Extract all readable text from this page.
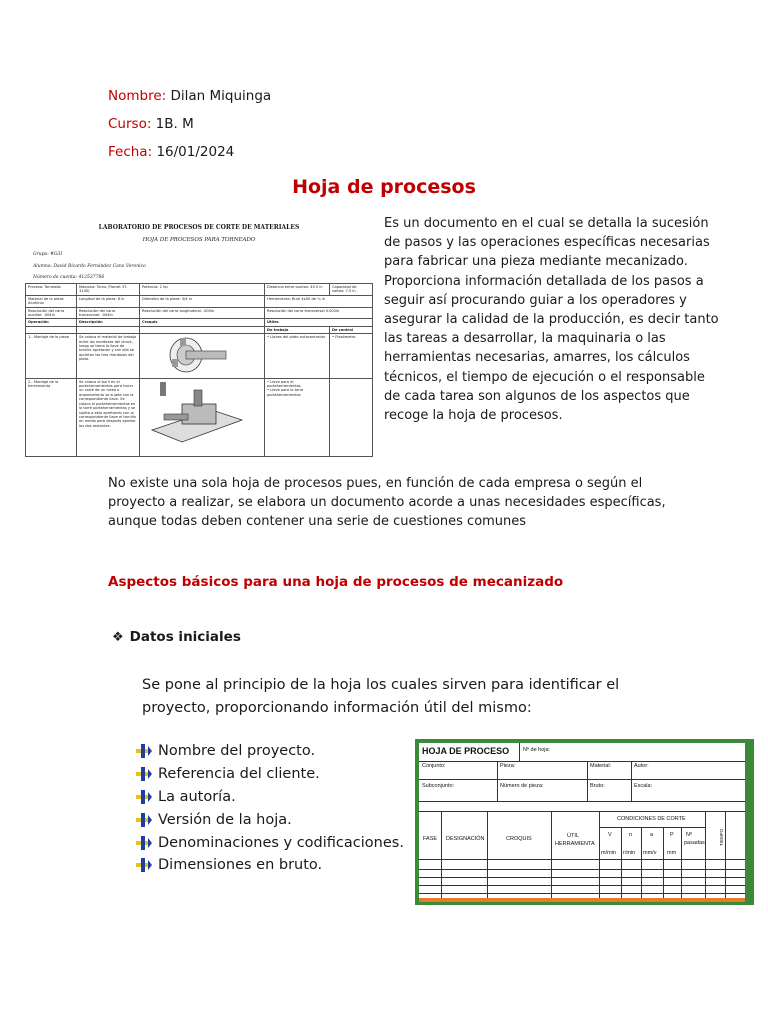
Nombre: Dilan Miquinga
Curso: 1B. M
Fecha: 16/01/2024
Hoja de procesos
LABORATORIO DE PROCESOS DE CORTE DE MATERIALES
HOJA DE PROCESOS PARA TORNEADO
Grupo: #G3I
Alumno: David Ricardo Fernández Cano Veronico
Número de cuenta: 412537786
Proceso: Torneado	Maquina: Torno (Transit 3T-3140)	Potencia: 2 hp	Distancia entre puntos: 45.5 in	Capacidad de volteo: 7.5 in
Material de la pieza: Aluminio	Longitud de la pieza: 8 in	Diámetro de la pieza: 3/4 in	Herramienta: Buril 4x50 de ¼ in	
Resolución del carro auxiliar: .004in	Resolución del carro transversal: .004in	Resolución del carro longitudinal: .005in	Resolución del carro transversal 0.002in	
Operación	Descripción	Croquis	Útiles	
			De trabajo	De control
1.- Montaje de la pieza	Se coloca el material de trabajo entre las mordazas del chock, luego se toma la llave de tornillo apretador y con ella se aprietan las tres mordazas del plato.		• Llaves del plato autocentrador	• Flexómetro
2.- Montaje de la herramienta	Se coloca el buril en el portaherramientas para hacer un corte de un ruteo o arqueamiento se sujeta con la correspondiente llave. Se coloca el portaherramientas en la torre portaherramientas y se sujeta a esta apretando con la correspondiente llave el tornillo en medio para después apretar los dos restantes.		• Llave para el portaherramientas
• Llave para la torre portaherramientas	
Es un documento en el cual se detalla la sucesión de pasos y las operaciones específicas necesarias para fabricar una pieza mediante mecanizado. Proporciona información detallada de los pasos a seguir así procurando guiar a los operadores y asegurar la calidad de la producción, es decir tanto las tareas a desarrollar, la maquinaria o las herramientas necesarias, amarres, los cálculos técnicos, el tiempo de ejecución o el responsable de cada tarea son algunos de los aspectos que recoge la hoja de procesos.
No existe una sola hoja de procesos pues, en función de cada empresa o según el proyecto a realizar, se elabora un documento acorde a unas necesidades específicas, aunque todas deben contener una serie de cuestiones comunes
Aspectos básicos para una hoja de procesos de mecanizado
❖ Datos iniciales
Se pone al principio de la hoja los cuales sirven para identificar el proyecto, proporcionando información útil del mismo:
Nombre del proyecto.
Referencia del cliente.
La autoría.
Versión de la hoja.
Denominaciones y codificaciones.
Dimensiones en bruto.
HOJA DE PROCESO	Nº de hoja:
Conjunto:	Pieza:	Material:	Autor:
Subconjunto:	Número de pieza:	Bruto:	Escala:
CONDICIONES DE CORTE
FASE DESIGNACIÓN	CROQUIS	ÚTIL
HERRAMIENTA
V	n	a	P Nº
pasadas
m/min r/min mm/v mm
TIEMPO
